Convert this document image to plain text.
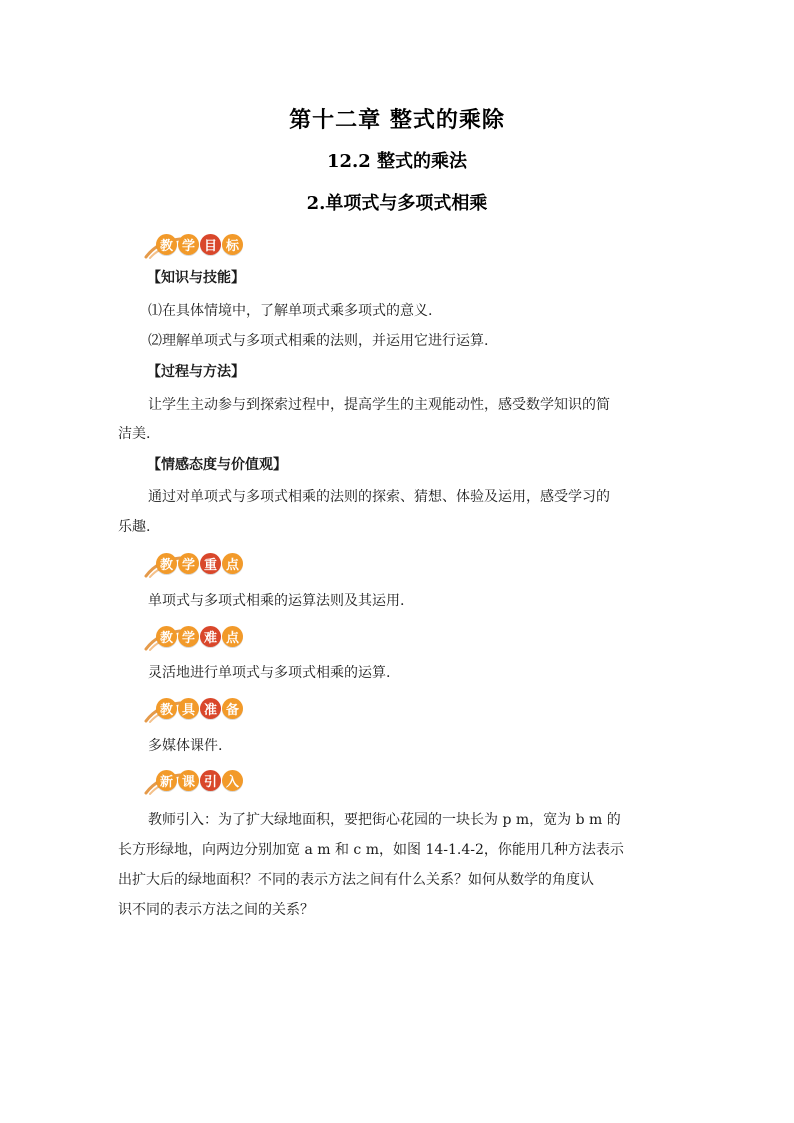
第十二章 整式的乘除
12.2 整式的乘法
2.单项式与多项式相乘
教 学 目 标
【知识与技能】
⑴在具体情境中，了解单项式乘多项式的意义.
⑵理解单项式与多项式相乘的法则，并运用它进行运算.
【过程与方法】
让学生主动参与到探索过程中，提高学生的主观能动性，感受数学知识的简
洁美.
【情感态度与价值观】
通过对单项式与多项式相乘的法则的探索、猜想、体验及运用，感受学习的
乐趣.
教 学 重 点
单项式与多项式相乘的运算法则及其运用.
教 学 难 点
灵活地进行单项式与多项式相乘的运算.
教 具 准 备
多媒体课件.
新 课 引 入
教师引入：为了扩大绿地面积，要把街心花园的一块长为 p m，宽为 b m 的
长方形绿地，向两边分别加宽 a m 和 c m，如图 14-1.4-2，你能用几种方法表示
出扩大后的绿地面积？不同的表示方法之间有什么关系？如何从数学的角度认
识不同的表示方法之间的关系？
